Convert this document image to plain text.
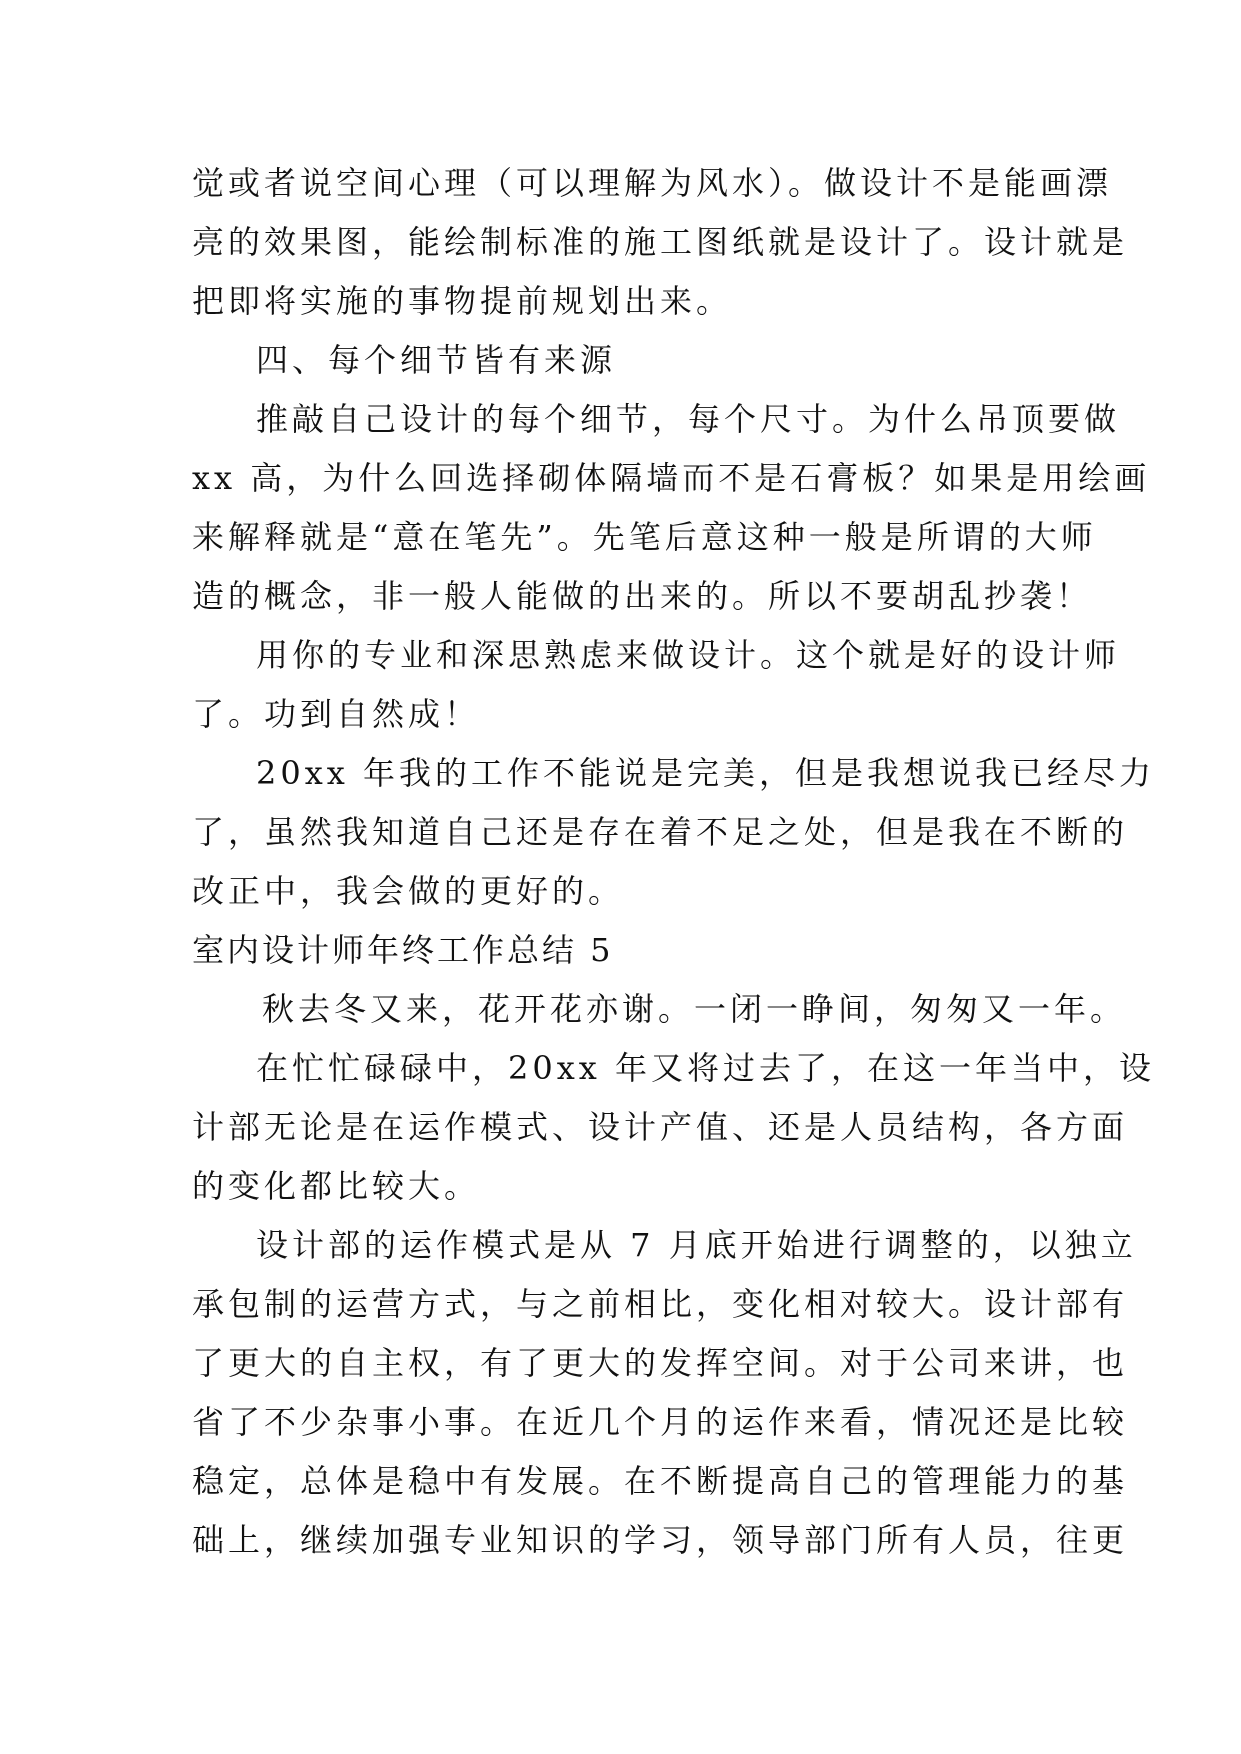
觉或者说空间心理（可以理解为风水）。做设计不是能画漂
亮的效果图，能绘制标准的施工图纸就是设计了。设计就是
把即将实施的事物提前规划出来。
四、每个细节皆有来源
推敲自己设计的每个细节，每个尺寸。为什么吊顶要做
xx 高，为什么回选择砌体隔墙而不是石膏板？如果是用绘画
来解释就是“意在笔先”。先笔后意这种一般是所谓的大师
造的概念，非一般人能做的出来的。所以不要胡乱抄袭！
用你的专业和深思熟虑来做设计。这个就是好的设计师
了。功到自然成！
20xx 年我的工作不能说是完美，但是我想说我已经尽力
了，虽然我知道自己还是存在着不足之处，但是我在不断的
改正中，我会做的更好的。
室内设计师年终工作总结 5
秋去冬又来，花开花亦谢。一闭一睁间，匆匆又一年。
在忙忙碌碌中，20xx 年又将过去了，在这一年当中，设
计部无论是在运作模式、设计产值、还是人员结构，各方面
的变化都比较大。
设计部的运作模式是从 7 月底开始进行调整的，以独立
承包制的运营方式，与之前相比，变化相对较大。设计部有
了更大的自主权，有了更大的发挥空间。对于公司来讲，也
省了不少杂事小事。在近几个月的运作来看，情况还是比较
稳定，总体是稳中有发展。在不断提高自己的管理能力的基
础上，继续加强专业知识的学习，领导部门所有人员，往更
